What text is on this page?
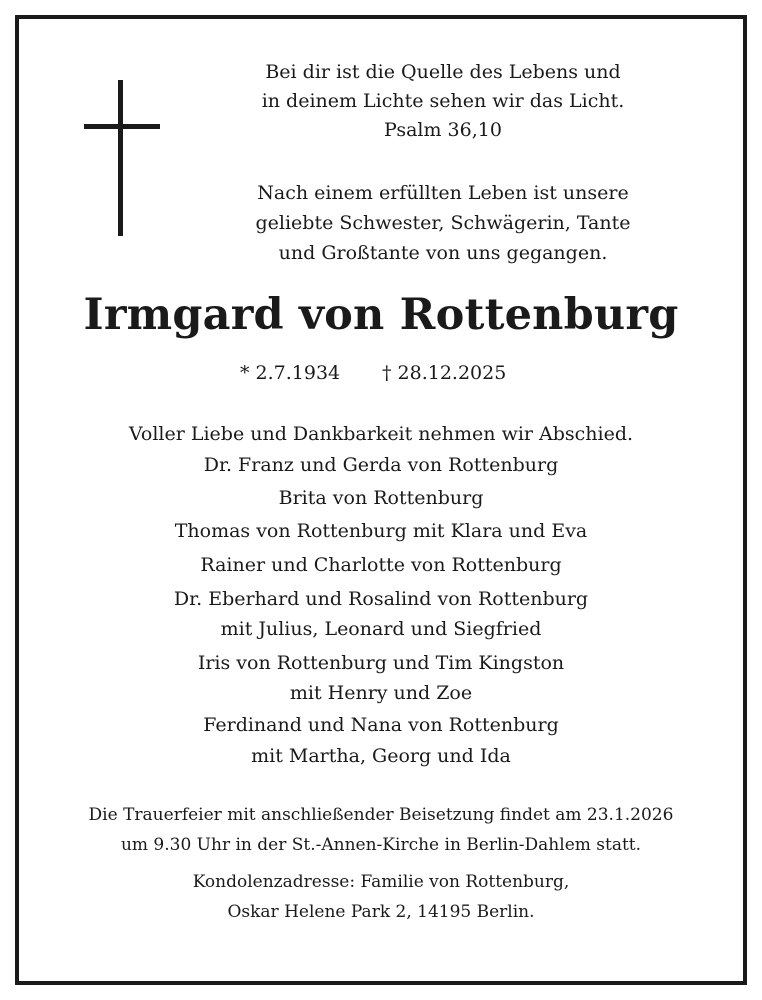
Bei dir ist die Quelle des Lebens und
in deinem Lichte sehen wir das Licht.
Psalm 36,10
Nach einem erfüllten Leben ist unsere
geliebte Schwester, Schwägerin, Tante
und Großtante von uns gegangen.
Irmgard von Rottenburg
* 2.7.1934 † 28.12.2025
Voller Liebe und Dankbarkeit nehmen wir Abschied.
Dr. Franz und Gerda von Rottenburg
Brita von Rottenburg
Thomas von Rottenburg mit Klara und Eva
Rainer und Charlotte von Rottenburg
Dr. Eberhard und Rosalind von Rottenburg
mit Julius, Leonard und Siegfried
Iris von Rottenburg und Tim Kingston
mit Henry und Zoe
Ferdinand und Nana von Rottenburg
mit Martha, Georg und Ida
Die Trauerfeier mit anschließender Beisetzung findet am 23.1.2026
um 9.30 Uhr in der St.-Annen-Kirche in Berlin-Dahlem statt.
Kondolenzadresse: Familie von Rottenburg,
Oskar Helene Park 2, 14195 Berlin.
